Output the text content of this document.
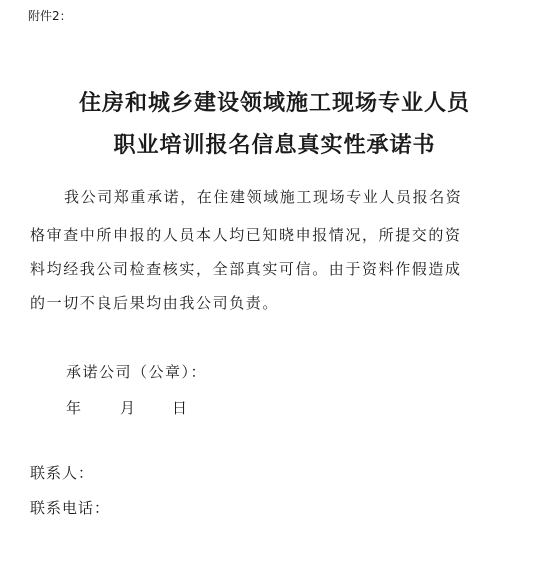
附件2：
住房和城乡建设领域施工现场专业人员
职业培训报名信息真实性承诺书
我公司郑重承诺，在住建领域施工现场专业人员报名资
格审查中所申报的人员本人均已知晓申报情况，所提交的资
料均经我公司检查核实，全部真实可信。由于资料作假造成
的一切不良后果均由我公司负责。
承诺公司（公章）：
年	月 日
联系人：
联系电话：
